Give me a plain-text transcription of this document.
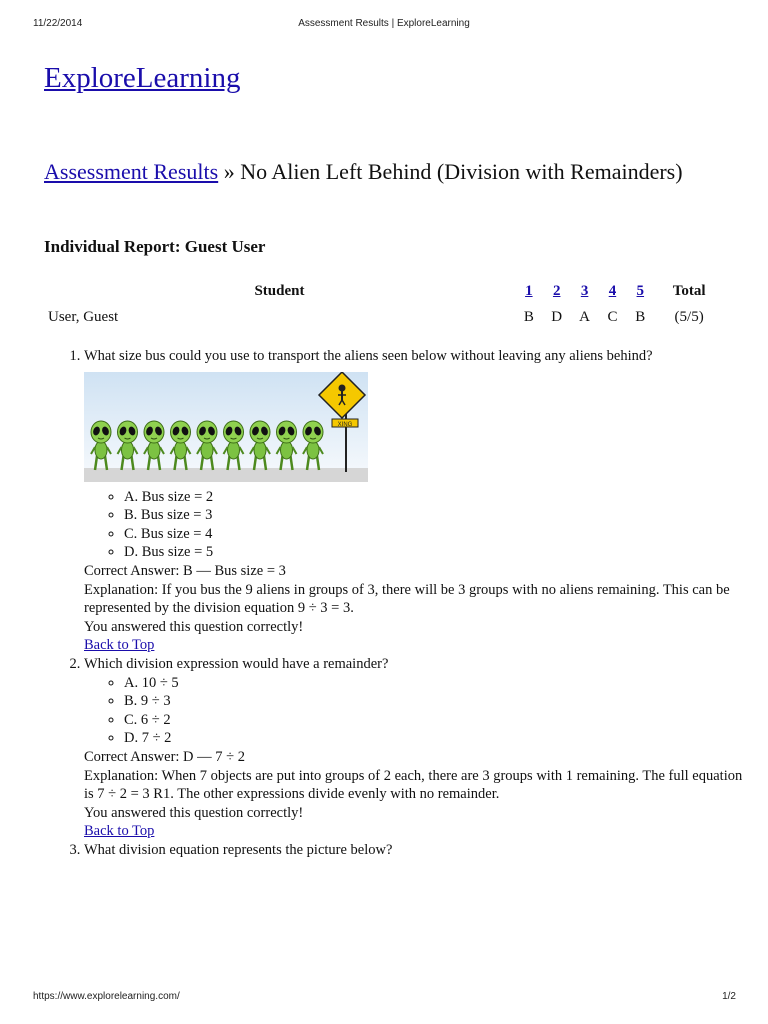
11/22/2014	Assessment Results | ExploreLearning
ExploreLearning
Assessment Results » No Alien Left Behind (Division with Remainders)
Individual Report: Guest User
Student	1	2	3	4	5	Total
User, Guest	B	D	A	C	B	(5/5)
1. What size bus could you use to transport the aliens seen below without leaving any aliens behind?
XING
◦ A. Bus size = 2
◦ B. Bus size = 3
◦ C. Bus size = 4
◦ D. Bus size = 5
Correct Answer: B — Bus size = 3
Explanation: If you bus the 9 aliens in groups of 3, there will be 3 groups with no aliens remaining. This can be represented by the division equation 9 ÷ 3 = 3.
You answered this question correctly!
Back to Top
2. Which division expression would have a remainder?
◦ A. 10 ÷ 5
◦ B. 9 ÷ 3
◦ C. 6 ÷ 2
◦ D. 7 ÷ 2
Correct Answer: D — 7 ÷ 2
Explanation: When 7 objects are put into groups of 2 each, there are 3 groups with 1 remaining. The full equation is 7 ÷ 2 = 3 R1. The other expressions divide evenly with no remainder.
You answered this question correctly!
Back to Top
3. What division equation represents the picture below?
https://www.explorelearning.com/	1/2
